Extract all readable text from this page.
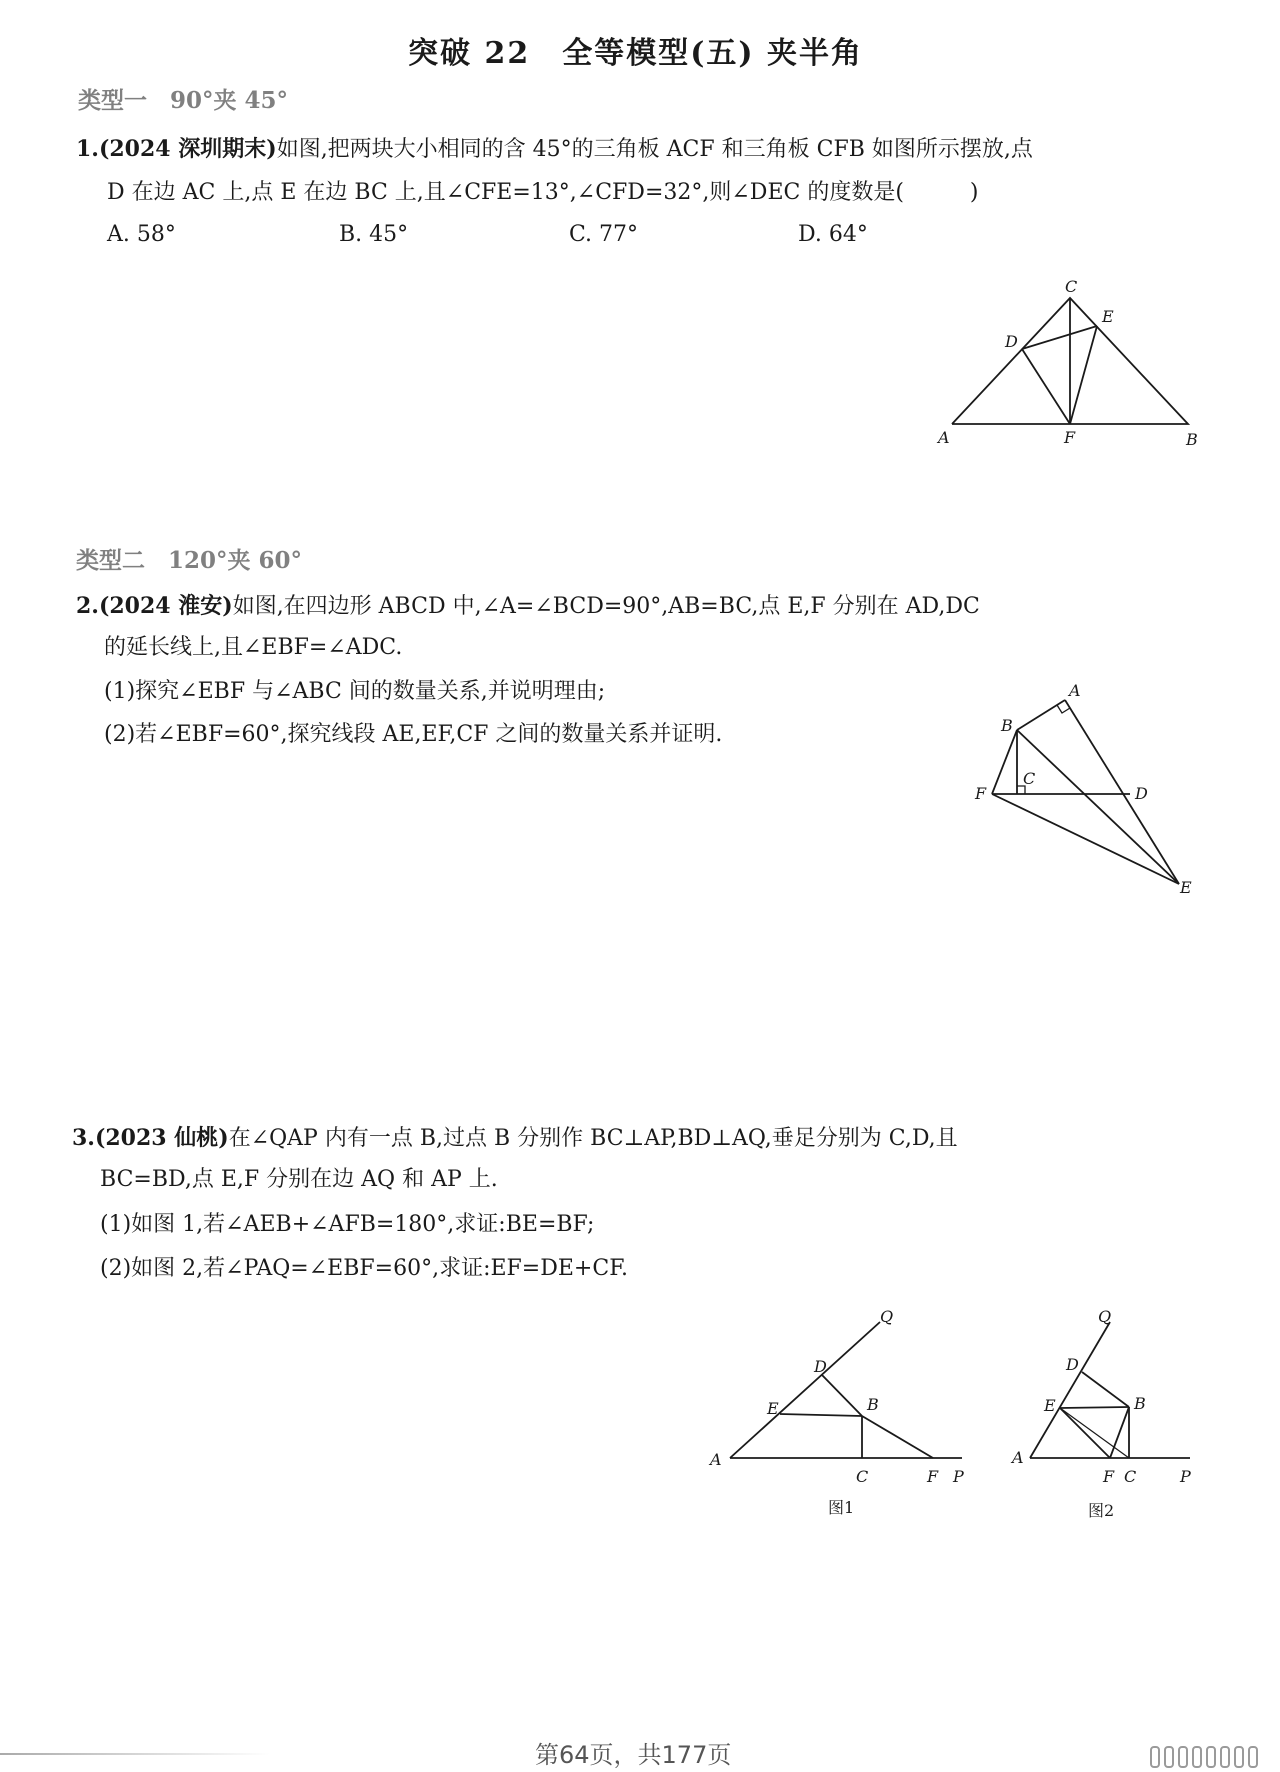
突破 22　全等模型(五) 夹半角
类型一　90°夹 45°
1.(2024 深圳期末)如图,把两块大小相同的含 45°的三角板 ACF 和三角板 CFB 如图所示摆放,点
D 在边 AC 上,点 E 在边 BC 上,且∠CFE=13°,∠CFD=32°,则∠DEC 的度数是(　　　)
A. 58°	B. 45°	C. 77°	D. 64°
C
E
D
A	F	B
类型二　120°夹 60°
2.(2024 淮安)如图,在四边形 ABCD 中,∠A=∠BCD=90°,AB=BC,点 E,F 分别在 AD,DC
的延长线上,且∠EBF=∠ADC.
(1)探究∠EBF 与∠ABC 间的数量关系,并说明理由;
(2)若∠EBF=60°,探究线段 AE,EF,CF 之间的数量关系并证明.
A
B
C
D
F
E
3.(2023 仙桃)在∠QAP 内有一点 B,过点 B 分别作 BC⊥AP,BD⊥AQ,垂足分别为 C,D,且
BC=BD,点 E,F 分别在边 AQ 和 AP 上.
(1)如图 1,若∠AEB+∠AFB=180°,求证:BE=BF;
(2)如图 2,若∠PAQ=∠EBF=60°,求证:EF=DE+CF.
Q
D
E	B
A
C	F P
图1
Q
D
E	B
A
F C	P
图2
第64页，共177页
